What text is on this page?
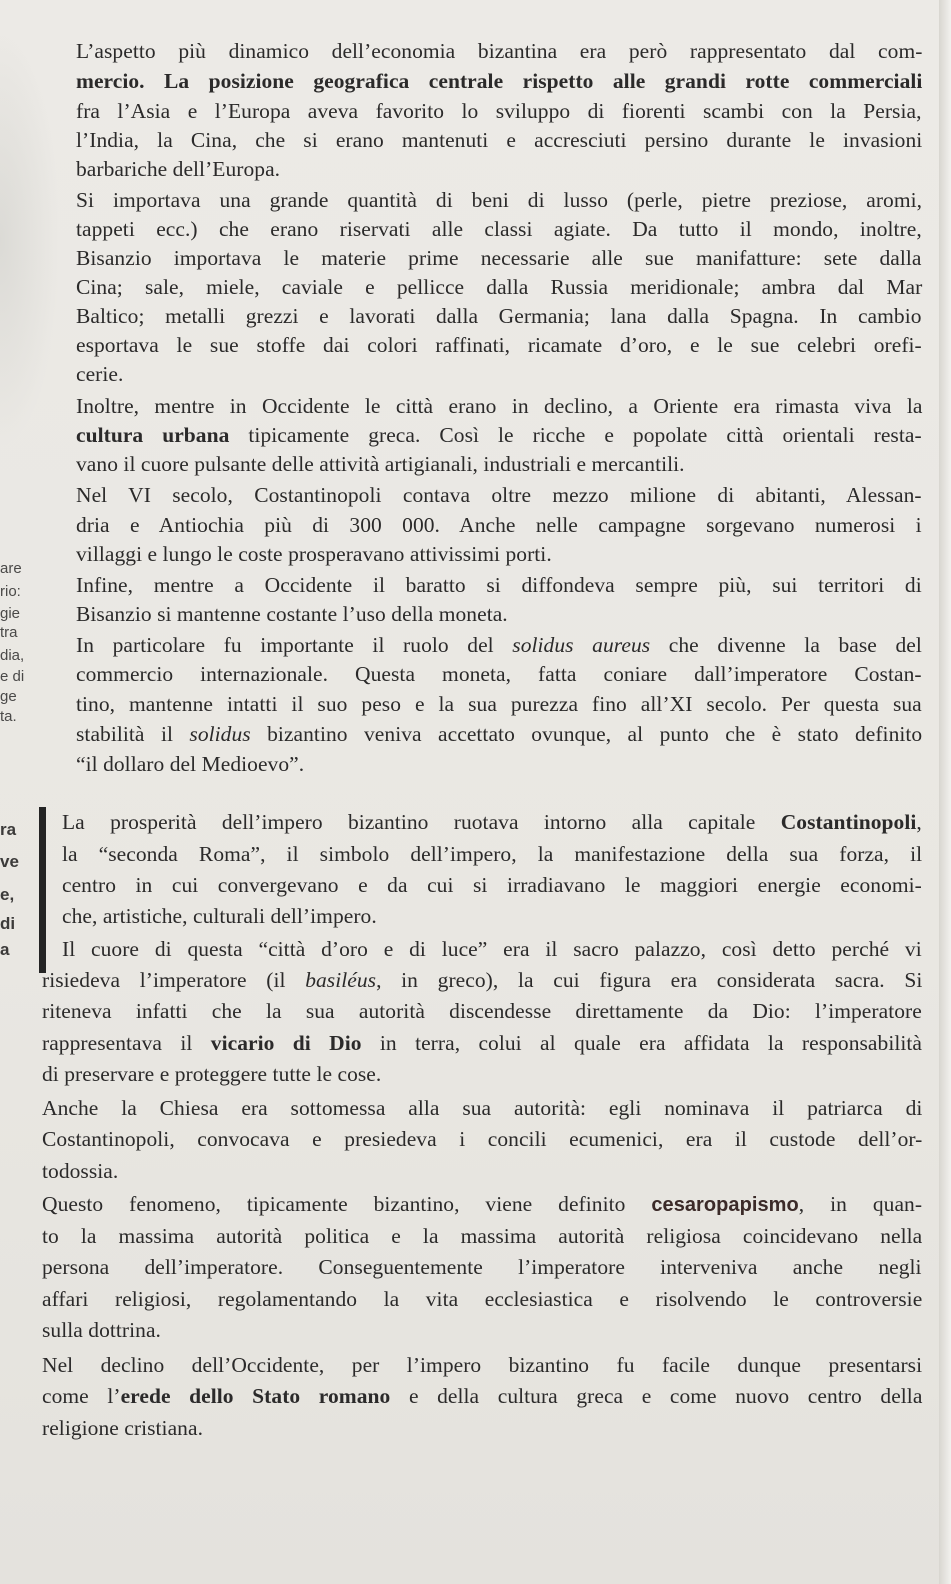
are
rio:
gie
tra
dia,
e di
ge
ta.
ra
ve
e,
di
a

L’aspetto più dinamico dell’economia bizantina era però rappresentato dal com-

mercio. La posizione geografica centrale rispetto alle grandi rotte commerciali

fra l’Asia e l’Europa aveva favorito lo sviluppo di fiorenti scambi con la Persia,

l’India, la Cina, che si erano mantenuti e accresciuti persino durante le invasioni

barbariche dell’Europa.

Si importava una grande quantità di beni di lusso (perle, pietre preziose, aromi,

tappeti ecc.) che erano riservati alle classi agiate. Da tutto il mondo, inoltre,

Bisanzio importava le materie prime necessarie alle sue manifatture: sete dalla

Cina; sale, miele, caviale e pellicce dalla Russia meridionale; ambra dal Mar

Baltico; metalli grezzi e lavorati dalla Germania; lana dalla Spagna. In cambio

esportava le sue stoffe dai colori raffinati, ricamate d’oro, e le sue celebri orefi-

cerie.

Inoltre, mentre in Occidente le città erano in declino, a Oriente era rimasta viva la

cultura urbana tipicamente greca. Così le ricche e popolate città orientali resta-

vano il cuore pulsante delle attività artigianali, industriali e mercantili.

Nel VI secolo, Costantinopoli contava oltre mezzo milione di abitanti, Alessan-

dria e Antiochia più di 300 000. Anche nelle campagne sorgevano numerosi i

villaggi e lungo le coste prosperavano attivissimi porti.

Infine, mentre a Occidente il baratto si diffondeva sempre più, sui territori di

Bisanzio si mantenne costante l’uso della moneta.

In particolare fu importante il ruolo del solidus aureus che divenne la base del

commercio internazionale. Questa moneta, fatta coniare dall’imperatore Costan-

tino, mantenne intatti il suo peso e la sua purezza fino all’XI secolo. Per questa sua

stabilità il solidus bizantino veniva accettato ovunque, al punto che è stato definito

“il dollaro del Medioevo”.

La prosperità dell’impero bizantino ruotava intorno alla capitale Costantinopoli,

la “seconda Roma”, il simbolo dell’impero, la manifestazione della sua forza, il

centro in cui convergevano e da cui si irradiavano le maggiori energie economi-

che, artistiche, culturali dell’impero.

Il cuore di questa “città d’oro e di luce” era il sacro palazzo, così detto perché vi

risiedeva l’imperatore (il basiléus, in greco), la cui figura era considerata sacra. Si

riteneva infatti che la sua autorità discendesse direttamente da Dio: l’imperatore

rappresentava il vicario di Dio in terra, colui al quale era affidata la responsabilità

di preservare e proteggere tutte le cose.

Anche la Chiesa era sottomessa alla sua autorità: egli nominava il patriarca di

Costantinopoli, convocava e presiedeva i concili ecumenici, era il custode dell’or-

todossia.

Questo fenomeno, tipicamente bizantino, viene definito cesaropapismo, in quan-

to la massima autorità politica e la massima autorità religiosa coincidevano nella

persona dell’imperatore. Conseguentemente l’imperatore interveniva anche negli

affari religiosi, regolamentando la vita ecclesiastica e risolvendo le controversie

sulla dottrina.

Nel declino dell’Occidente, per l’impero bizantino fu facile dunque presentarsi

come l’erede dello Stato romano e della cultura greca e come nuovo centro della

religione cristiana.
